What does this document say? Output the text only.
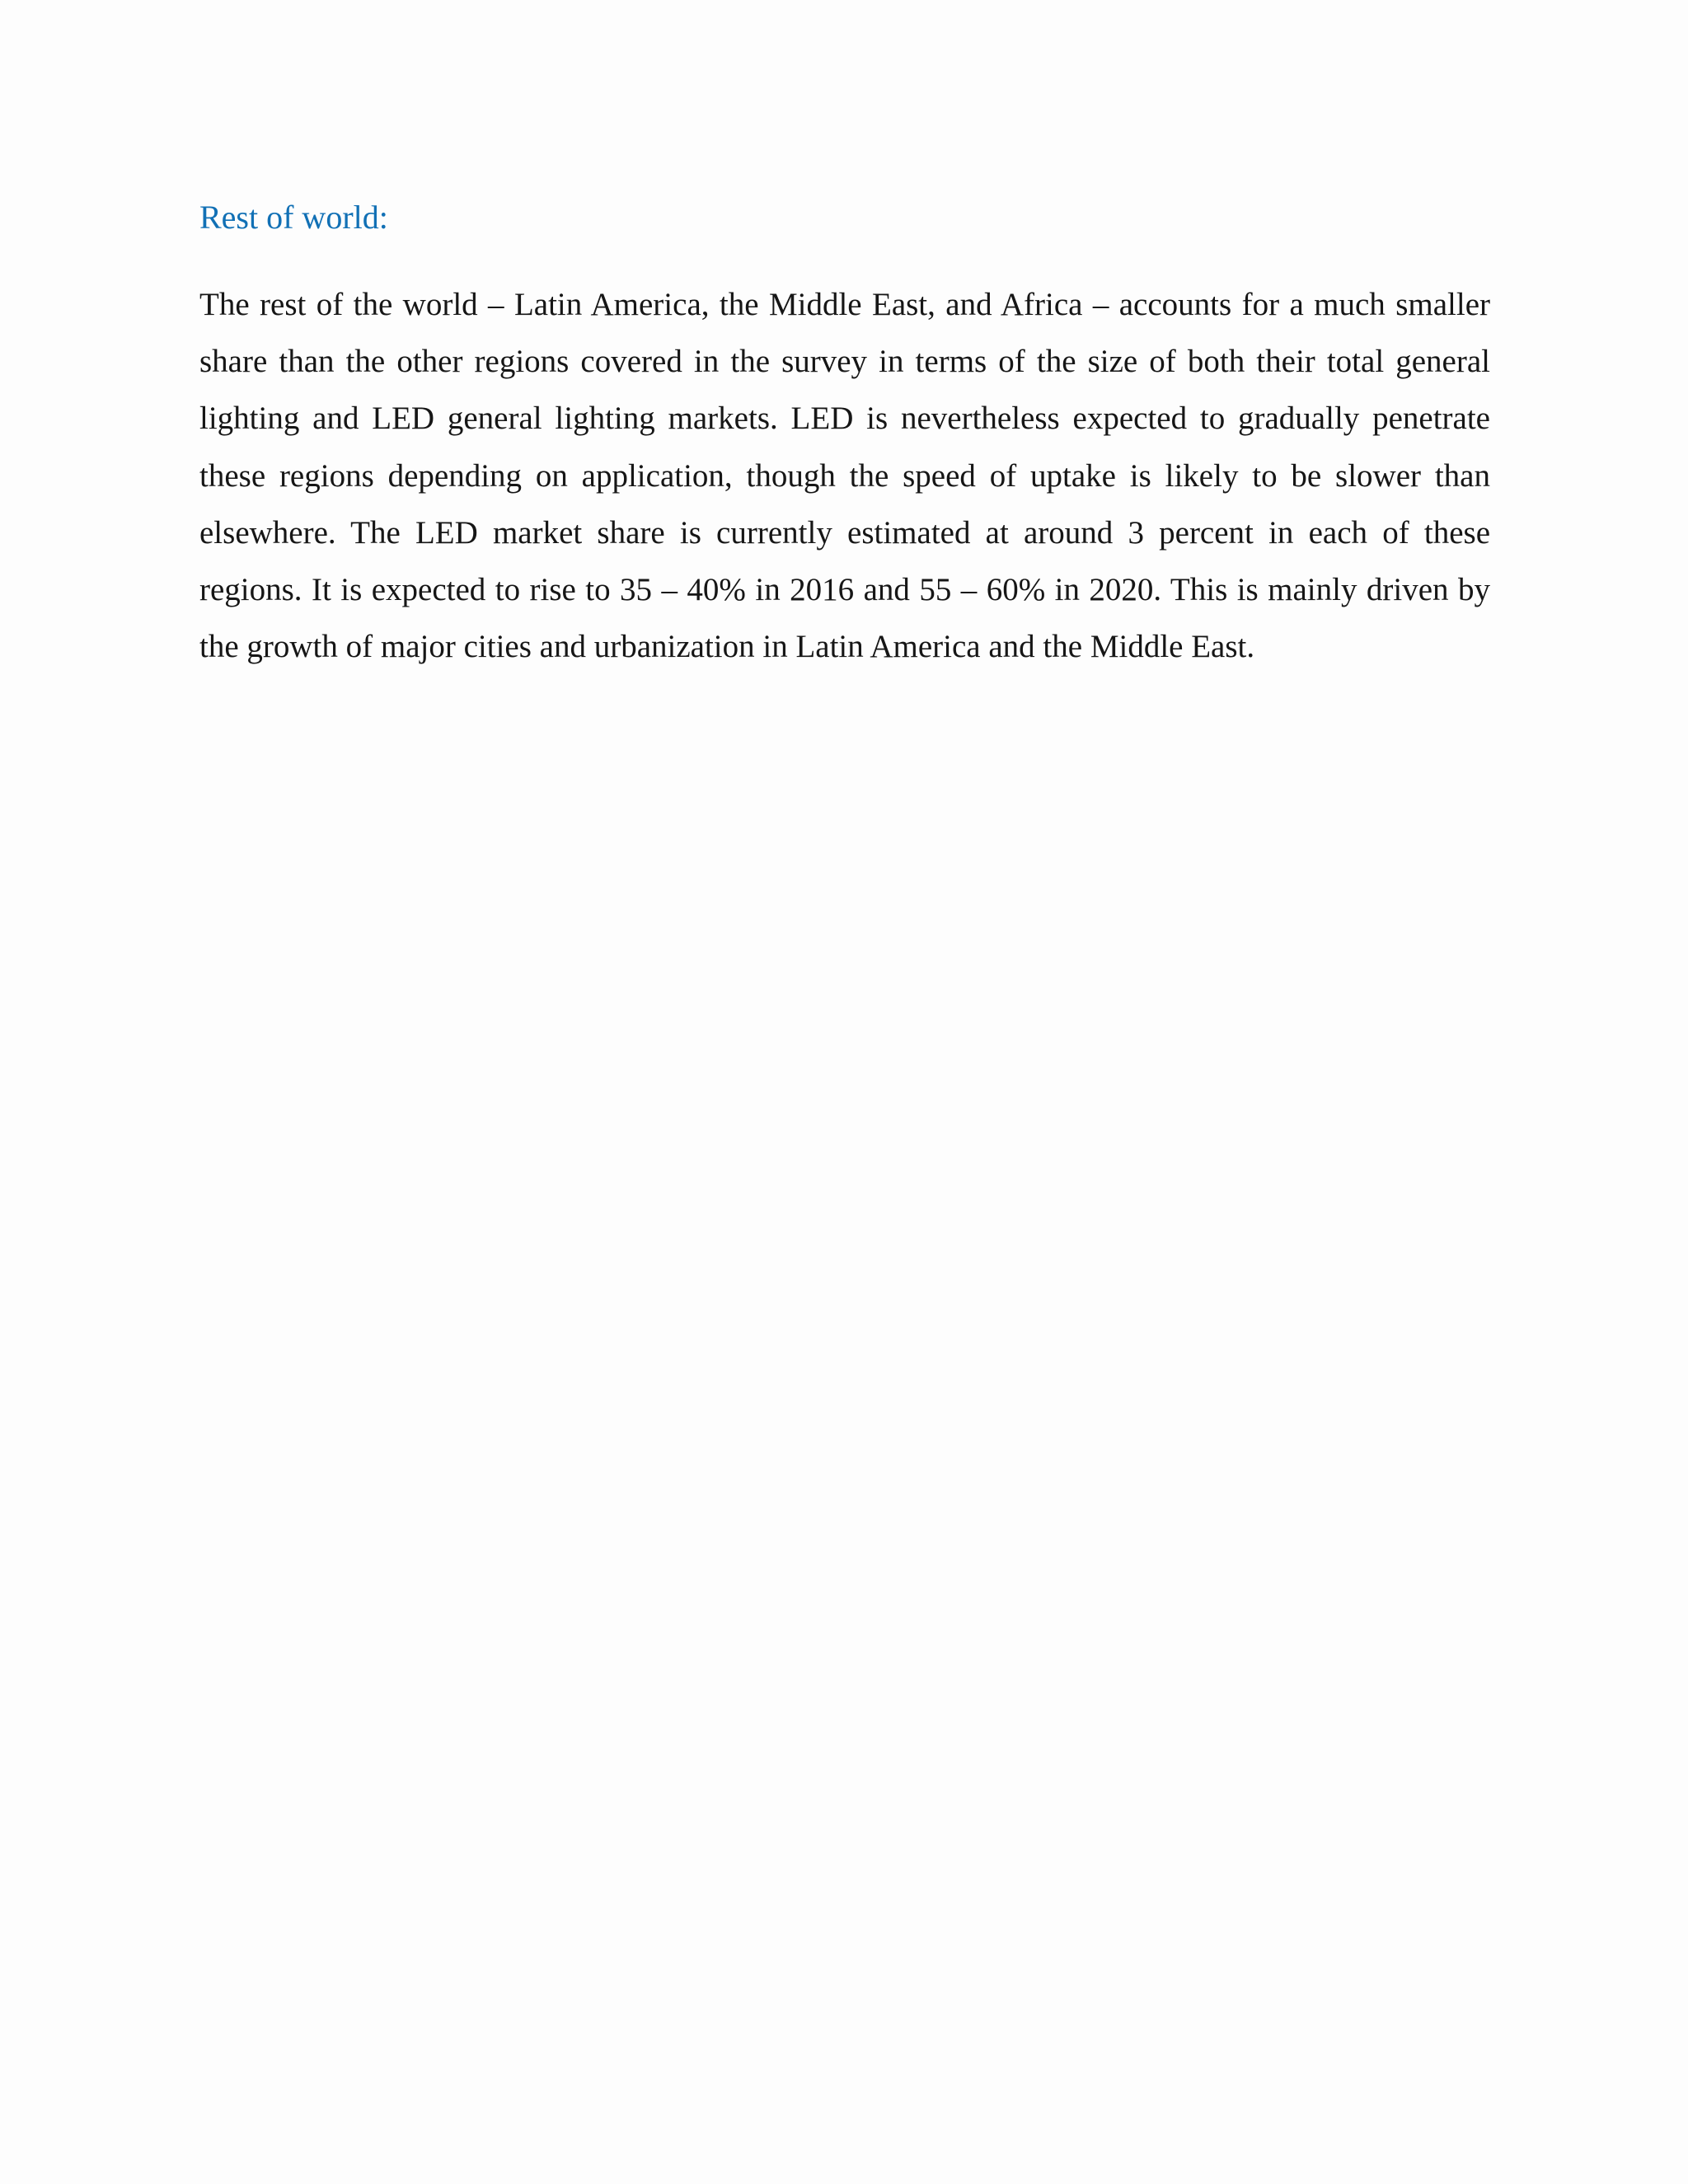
Rest of world:

The rest of the world – Latin America, the Middle East, and Africa – accounts for a much smaller share than the other regions covered in the survey in terms of the size of both their total general lighting and LED general lighting markets. LED is nevertheless expected to gradually penetrate these regions depending on application, though the speed of uptake is likely to be slower than elsewhere. The LED market share is currently estimated at around 3 percent in each of these regions. It is expected to rise to 35 – 40% in 2016 and 55 – 60% in 2020. This is mainly driven by the growth of major cities and urbanization in Latin America and the Middle East.
